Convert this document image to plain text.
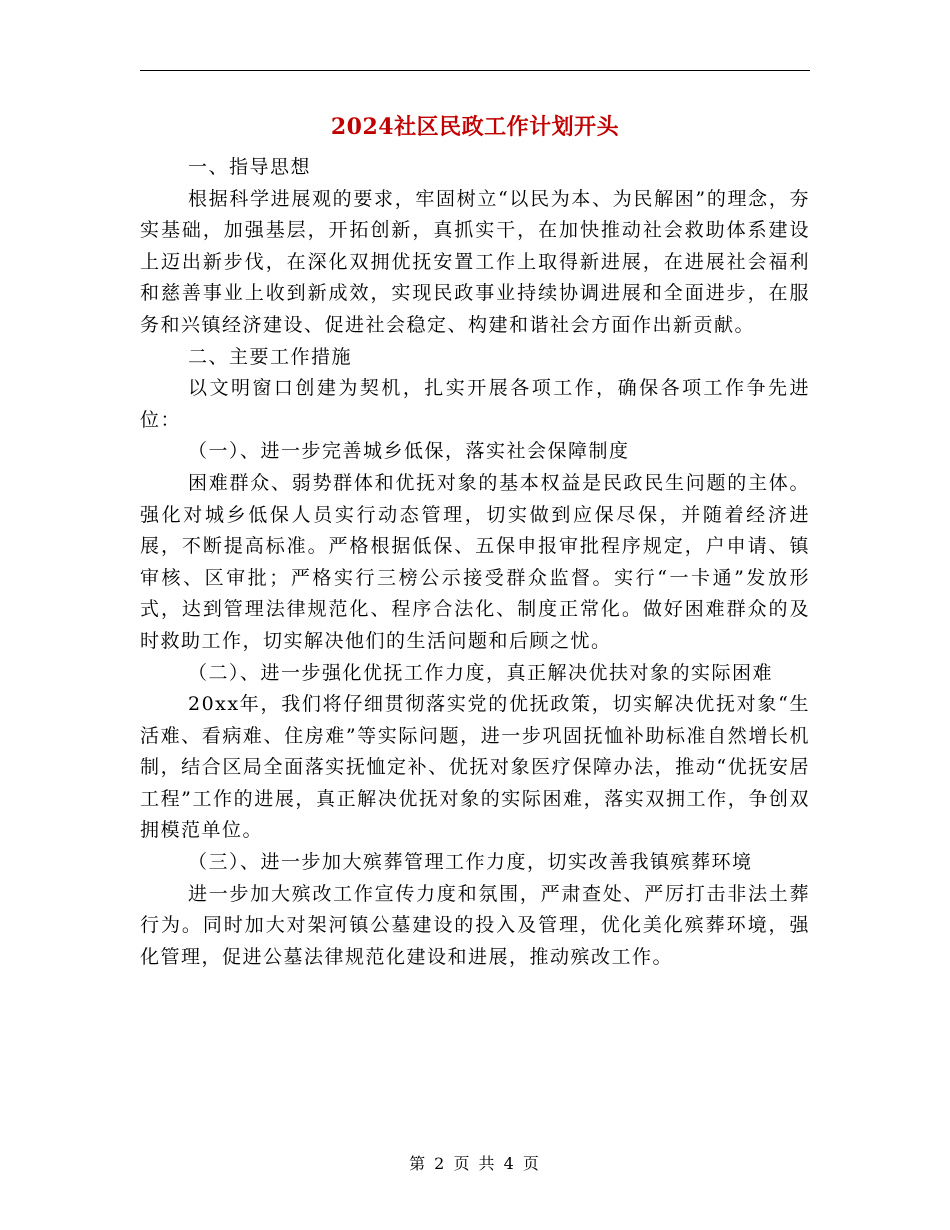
2024社区民政工作计划开头

一、指导思想

根据科学进展观的要求，牢固树立“以民为本、为民解困”的理念，夯实基础，加强基层，开拓创新，真抓实干，在加快推动社会救助体系建设上迈出新步伐，在深化双拥优抚安置工作上取得新进展，在进展社会福利和慈善事业上收到新成效，实现民政事业持续协调进展和全面进步，在服务和兴镇经济建设、促进社会稳定、构建和谐社会方面作出新贡献。

二、主要工作措施

以文明窗口创建为契机，扎实开展各项工作，确保各项工作争先进位：

（一）、进一步完善城乡低保，落实社会保障制度

困难群众、弱势群体和优抚对象的基本权益是民政民生问题的主体。强化对城乡低保人员实行动态管理，切实做到应保尽保，并随着经济进展，不断提高标准。严格根据低保、五保申报审批程序规定，户申请、镇审核、区审批；严格实行三榜公示接受群众监督。实行“一卡通”发放形式，达到管理法律规范化、程序合法化、制度正常化。做好困难群众的及时救助工作，切实解决他们的生活问题和后顾之忧。

（二）、进一步强化优抚工作力度，真正解决优扶对象的实际困难

20xx年，我们将仔细贯彻落实党的优抚政策，切实解决优抚对象“生活难、看病难、住房难”等实际问题，进一步巩固抚恤补助标准自然增长机制，结合区局全面落实抚恤定补、优抚对象医疗保障办法，推动“优抚安居工程”工作的进展，真正解决优抚对象的实际困难，落实双拥工作，争创双拥模范单位。

（三）、进一步加大殡葬管理工作力度，切实改善我镇殡葬环境

进一步加大殡改工作宣传力度和氛围，严肃查处、严厉打击非法土葬行为。同时加大对架河镇公墓建设的投入及管理，优化美化殡葬环境，强化管理，促进公墓法律规范化建设和进展，推动殡改工作。

第 2 页 共 4 页
